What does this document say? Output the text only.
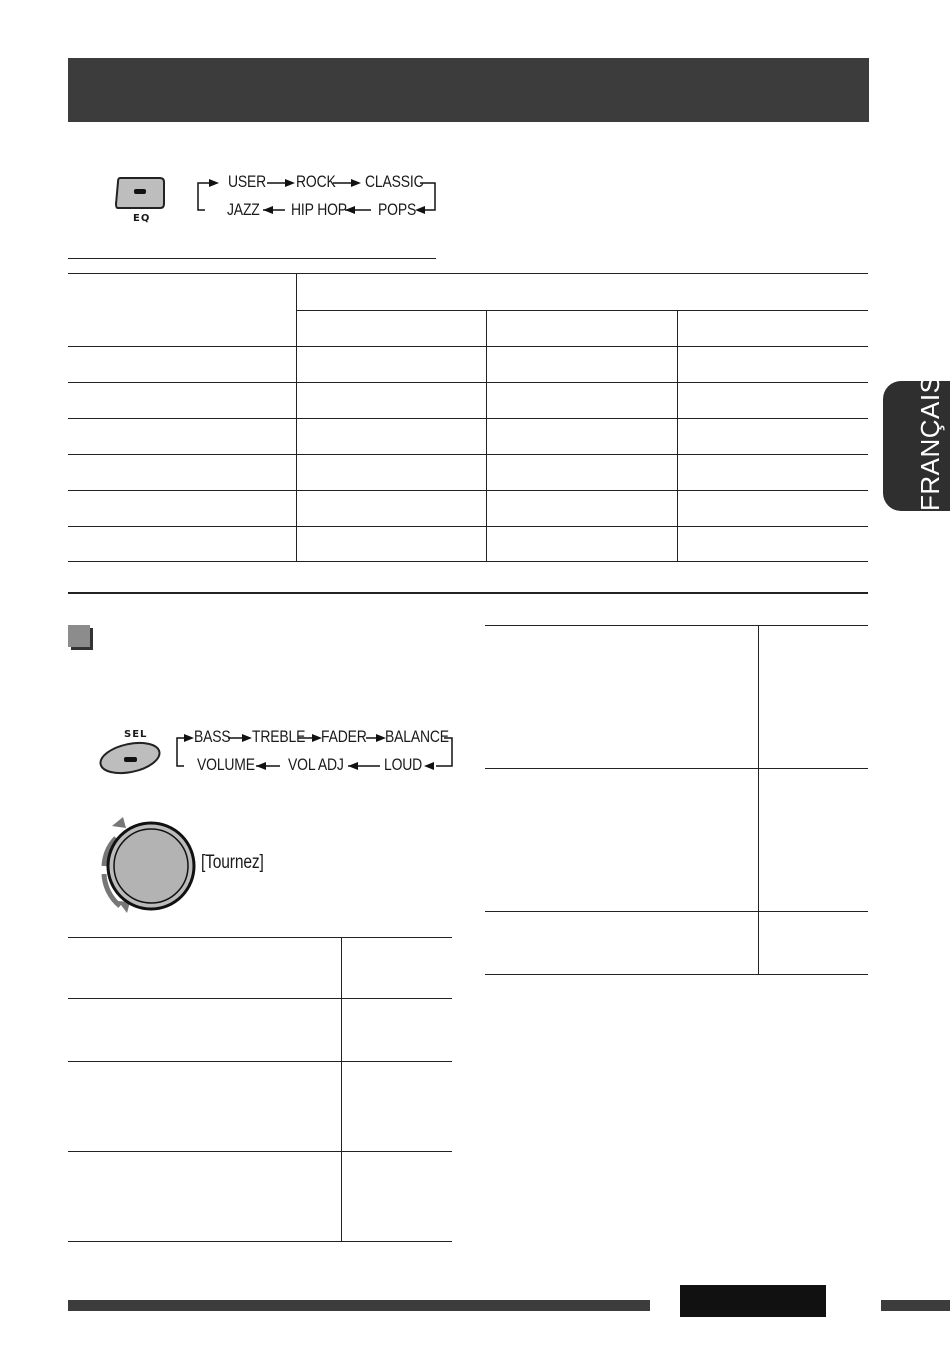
EQ
USER ROCK CLASSIC
JAZZ HIP HOP POPS
FRANÇAIS
SEL	BASS TREBLE FADER BALANCE
VOLUME VOL ADJ LOUD
[Tournez]
